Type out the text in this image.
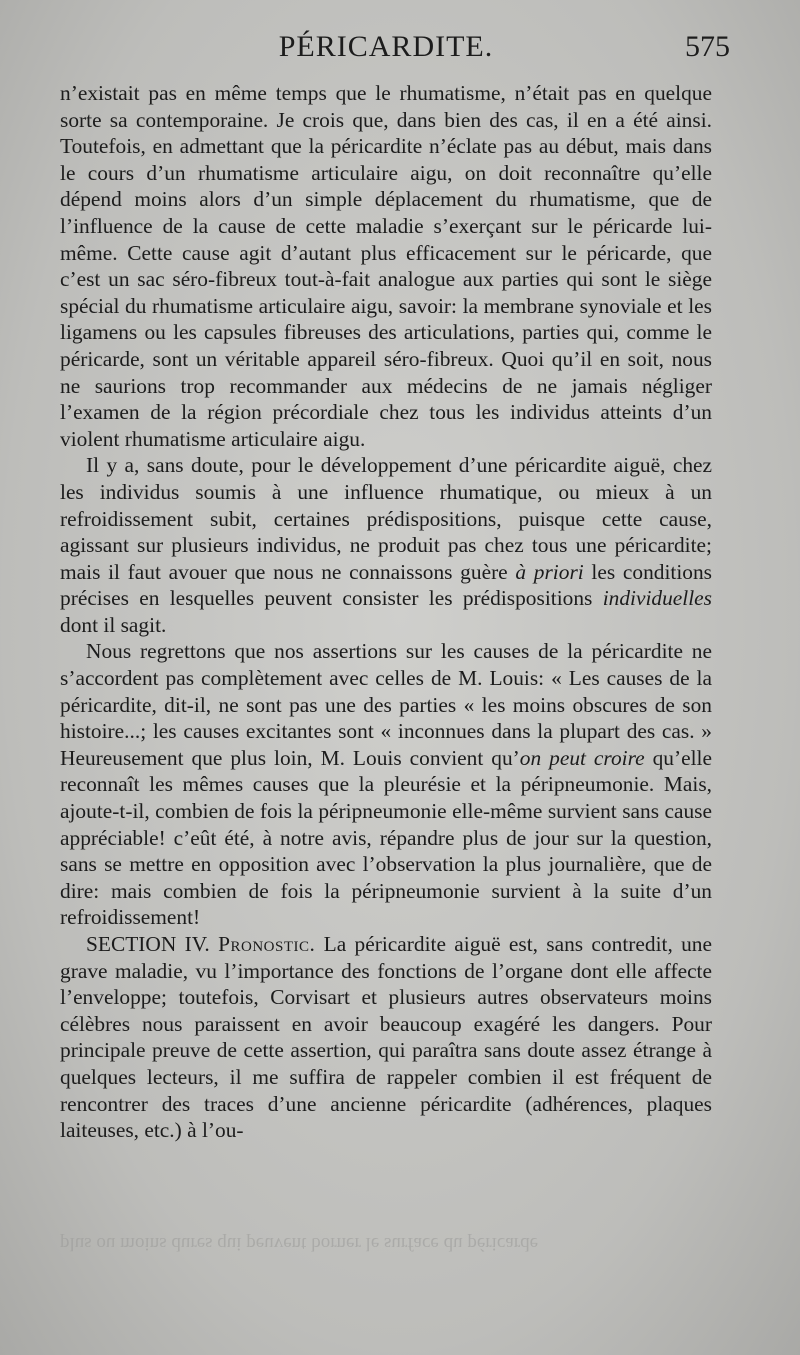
PÉRICARDITE.	575

n’existait pas en même temps que le rhumatisme, n’était pas en quelque sorte sa contemporaine. Je crois que, dans bien des cas, il en a été ainsi. Toutefois, en admettant que la péricardite n’éclate pas au début, mais dans le cours d’un rhumatisme articulaire aigu, on doit reconnaître qu’elle dépend moins alors d’un simple déplacement du rhumatisme, que de l’influence de la cause de cette maladie s’exerçant sur le péricarde lui-même. Cette cause agit d’autant plus efficacement sur le péricarde, que c’est un sac séro-fibreux tout-à-fait analogue aux parties qui sont le siège spécial du rhumatisme articulaire aigu, savoir: la membrane synoviale et les ligamens ou les capsules fibreuses des articulations, parties qui, comme le péricarde, sont un véritable appareil séro-fibreux. Quoi qu’il en soit, nous ne saurions trop recommander aux médecins de ne jamais négliger l’examen de la région précordiale chez tous les individus atteints d’un violent rhumatisme articulaire aigu.

Il y a, sans doute, pour le développement d’une péricardite aiguë, chez les individus soumis à une influence rhumatique, ou mieux à un refroidissement subit, certaines prédispositions, puisque cette cause, agissant sur plusieurs individus, ne produit pas chez tous une péricardite; mais il faut avouer que nous ne connaissons guère à priori les conditions précises en lesquelles peuvent consister les prédispositions individuelles dont il sagit.

Nous regrettons que nos assertions sur les causes de la péricardite ne s’accordent pas complètement avec celles de M. Louis: « Les causes de la péricardite, dit-il, ne sont pas une des parties « les moins obscures de son histoire...; les causes excitantes sont « inconnues dans la plupart des cas. » Heureusement que plus loin, M. Louis convient qu’on peut croire qu’elle reconnaît les mêmes causes que la pleurésie et la péripneumonie. Mais, ajoute-t-il, combien de fois la péripneumonie elle-même survient sans cause appréciable! c’eût été, à notre avis, répandre plus de jour sur la question, sans se mettre en opposition avec l’observation la plus journalière, que de dire: mais combien de fois la péripneumonie survient à la suite d’un refroidissement!

SECTION IV. Pronostic. La péricardite aiguë est, sans contredit, une grave maladie, vu l’importance des fonctions de l’organe dont elle affecte l’enveloppe; toutefois, Corvisart et plusieurs autres observateurs moins célèbres nous paraissent en avoir beaucoup exagéré les dangers. Pour principale preuve de cette assertion, qui paraîtra sans doute assez étrange à quelques lecteurs, il me suffira de rappeler combien il est fréquent de rencontrer des traces d’une ancienne péricardite (adhérences, plaques laiteuses, etc.) à l’ou-

plus ou moins dures qui peuvent borner le surface du péricarde
